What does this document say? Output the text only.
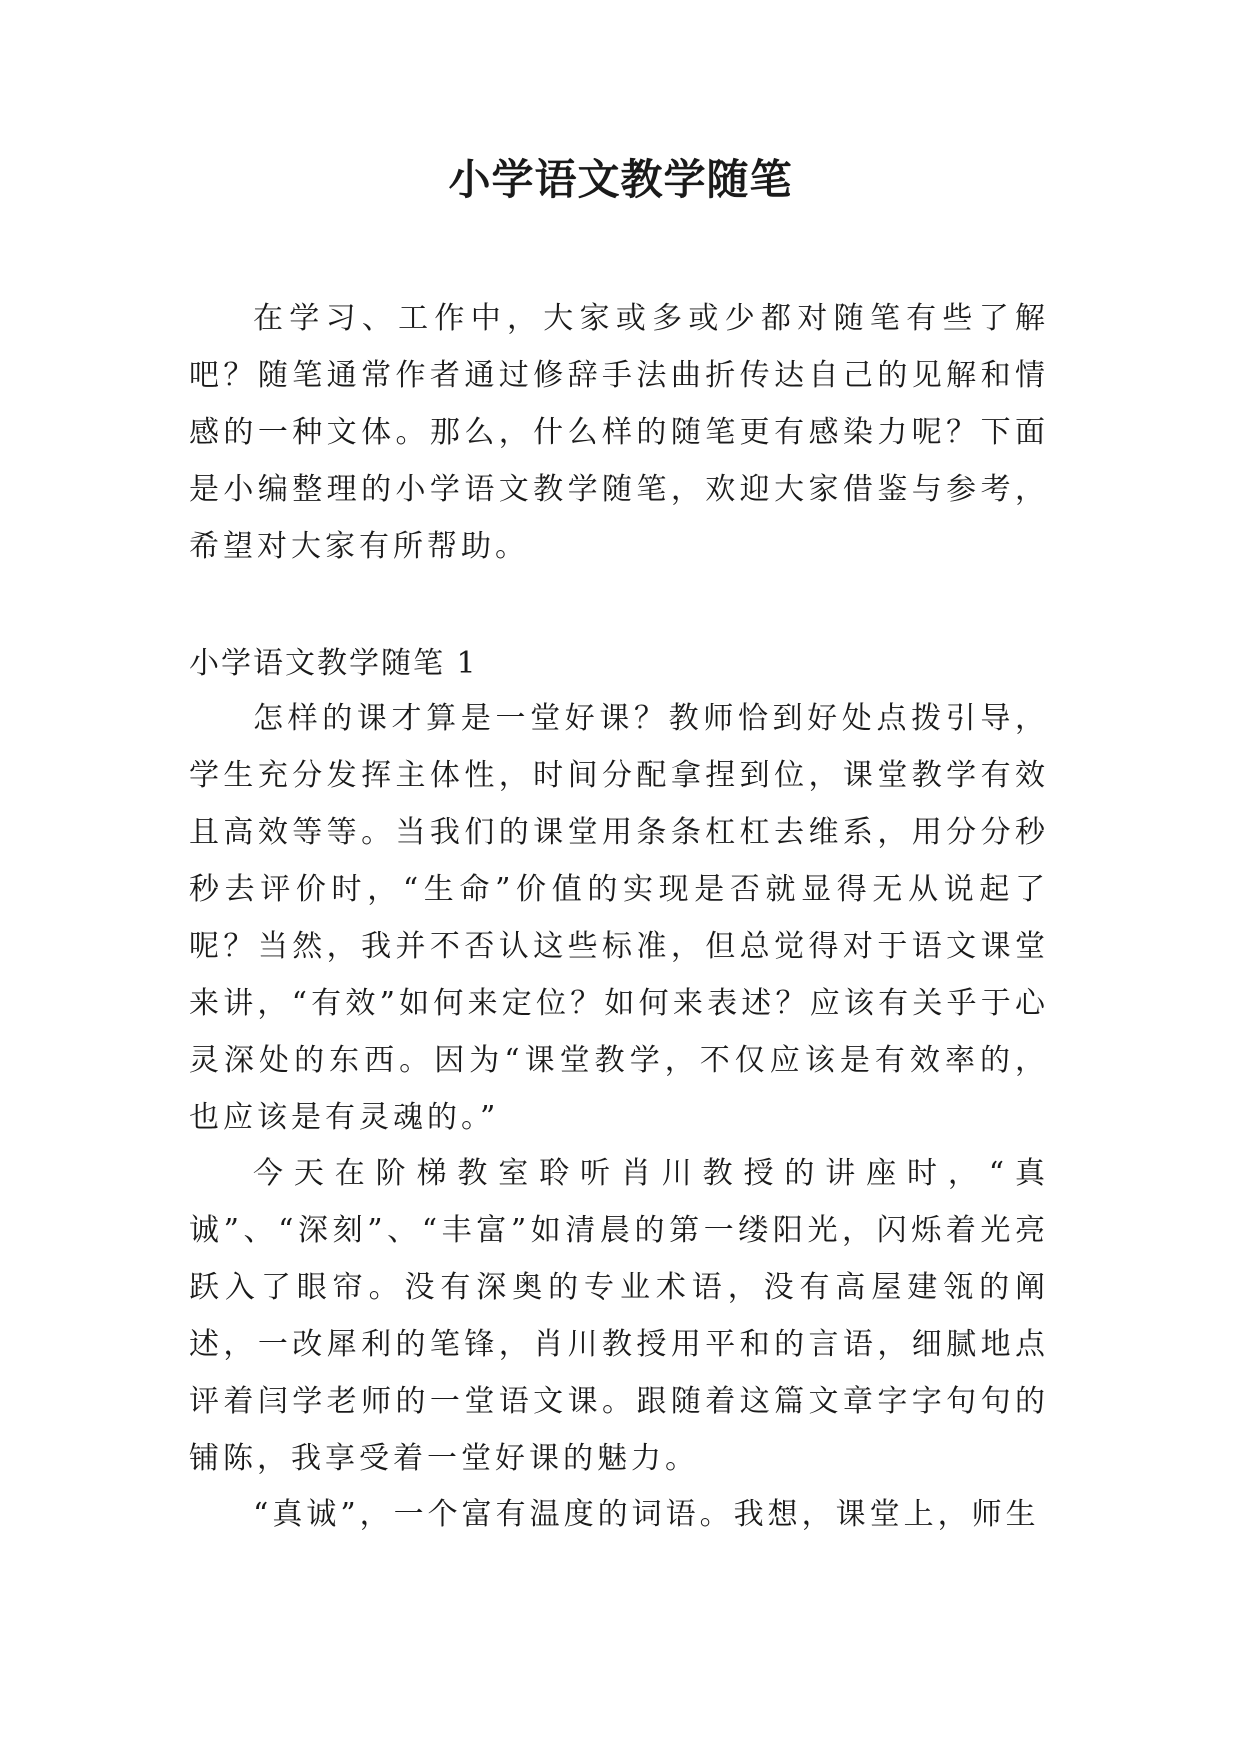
小学语文教学随笔

在学习、工作中，大家或多或少都对随笔有些了解吧？随笔通常作者通过修辞手法曲折传达自己的见解和情感的一种文体。那么，什么样的随笔更有感染力呢？下面是小编整理的小学语文教学随笔，欢迎大家借鉴与参考，希望对大家有所帮助。

小学语文教学随笔 1

怎样的课才算是一堂好课？教师恰到好处点拨引导，学生充分发挥主体性，时间分配拿捏到位，课堂教学有效且高效等等。当我们的课堂用条条杠杠去维系，用分分秒秒去评价时，“生命”价值的实现是否就显得无从说起了呢？当然，我并不否认这些标准，但总觉得对于语文课堂来讲，“有效”如何来定位？如何来表述？应该有关乎于心灵深处的东西。因为“课堂教学，不仅应该是有效率的，也应该是有灵魂的。”

今天在阶梯教室聆听肖川教授的讲座时，“真诚”、“深刻”、“丰富”如清晨的第一缕阳光，闪烁着光亮跃入了眼帘。没有深奥的专业术语，没有高屋建瓴的阐述，一改犀利的笔锋，肖川教授用平和的言语，细腻地点评着闫学老师的一堂语文课。跟随着这篇文章字字句句的铺陈，我享受着一堂好课的魅力。

“真诚”，一个富有温度的词语。我想，课堂上，师生
